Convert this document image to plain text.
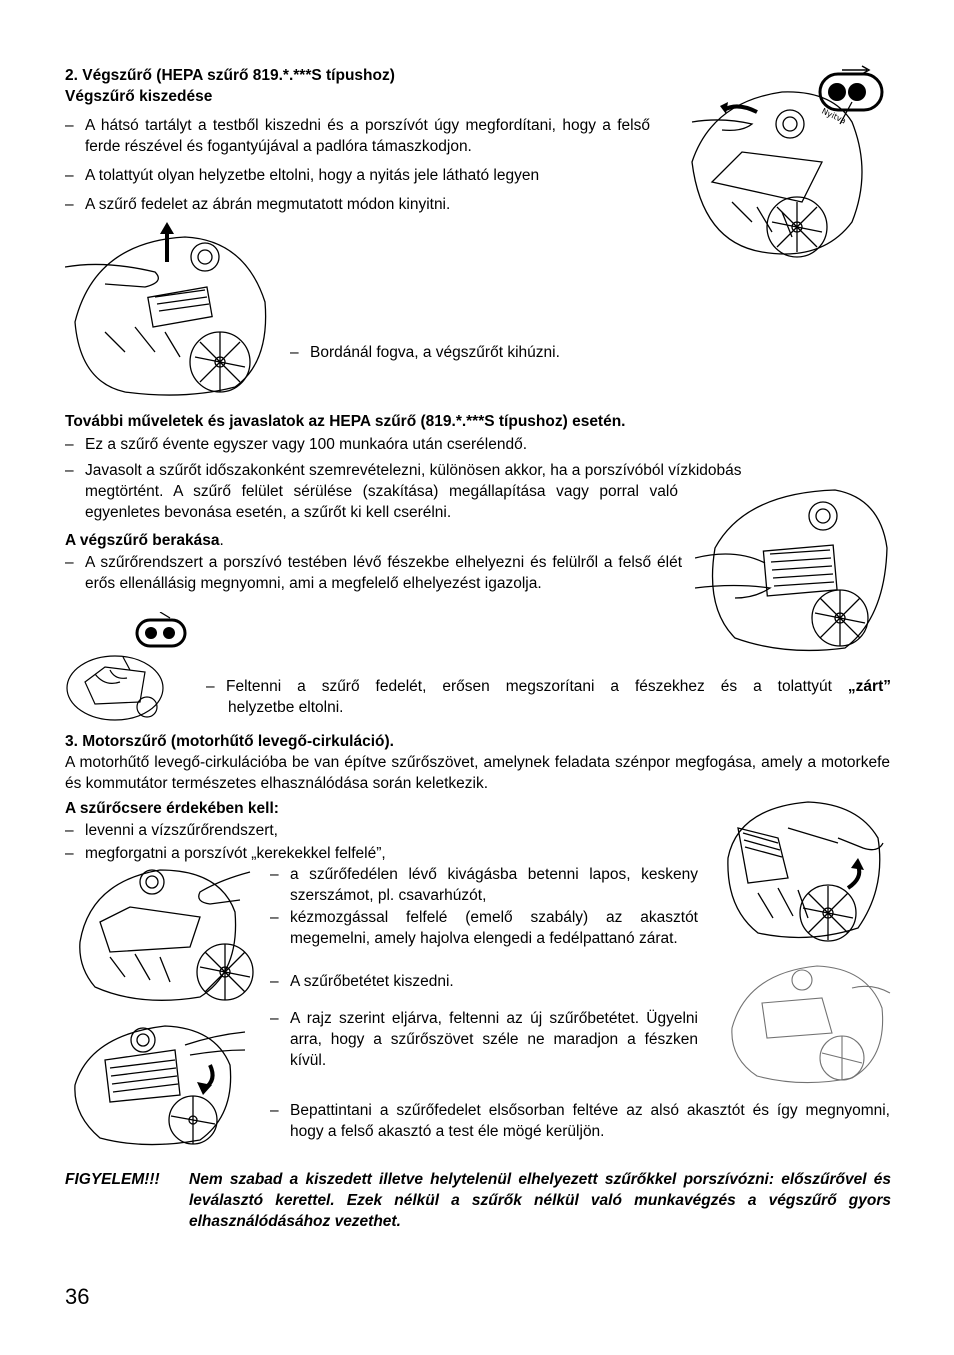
2. Végszűrő (HEPA szűrő 819.*.***S típushoz)
Végszűrő kiszedése
– A hátsó tartályt a testből kiszedni és a porszívót úgy megfordítani, hogy a felső ferde részével és fogantyújával a padlóra támaszkodjon.
– A tolattyút olyan helyzetbe eltolni, hogy a nyitás jele látható legyen
– A szűrő fedelet az ábrán megmutatott módon kinyitni.
Nyitva
– Bordánál fogva, a végszűrőt kihúzni.
További műveletek és javaslatok az HEPA szűrő (819.*.***S típushoz) esetén.
– Ez a szűrő évente egyszer vagy 100 munkaóra után cserélendő.
– Javasolt a szűrőt időszakonként szemrevételezni, különösen akkor, ha a porszívóból vízkidobás
megtörtént. A szűrő felület sérülése (szakítása) megállapítása vagy porral való egyenletes bevonása esetén, a szűrőt ki kell cserélni.
A végszűrő berakása.
– A szűrőrendszert a porszívó testében lévő fészekbe elhelyezni és felülről a felső élét erős ellenállásig megnyomni, ami a megfelelő elhelyezést igazolja.
– Feltenni a szűrő fedelét, erősen megszorítani a fészekhez és a tolattyút „zárt”
helyzetbe eltolni.
3. Motorszűrő (motorhűtő levegő-cirkuláció).
A motorhűtő levegő-cirkulációba be van építve szűrőszövet, amelynek feladata szénpor megfogása, amely a motorkefe és kommutátor természetes elhasználódása során keletkezik.
A szűrőcsere érdekében kell:
– levenni a vízszűrőrendszert,
– megforgatni a porszívót „kerekekkel felfelé”,
– a szűrőfedélen lévő kivágásba betenni lapos, keskeny szerszámot, pl. csavarhúzót,
– kézmozgással felfelé (emelő szabály) az akasztót megemelni, amely hajolva elengedi a fedélpattanó zárat.
– A szűrőbetétet kiszedni.
– A rajz szerint eljárva, feltenni az új szűrőbetétet. Ügyelni arra, hogy a szűrőszövet széle ne maradjon a fészken kívül.
– Bepattintani a szűrőfedelet elsősorban feltéve az alsó akasztót és így megnyomni, hogy a felső akasztó a test éle mögé kerüljön.
FIGYELEM!!! Nem szabad a kiszedett illetve helytelenül elhelyezett szűrőkkel porszívózni: előszűrővel és leválasztó kerettel. Ezek nélkül a szűrők nélkül való munkavégzés a végszűrő gyors elhasználódásához vezethet.
36
